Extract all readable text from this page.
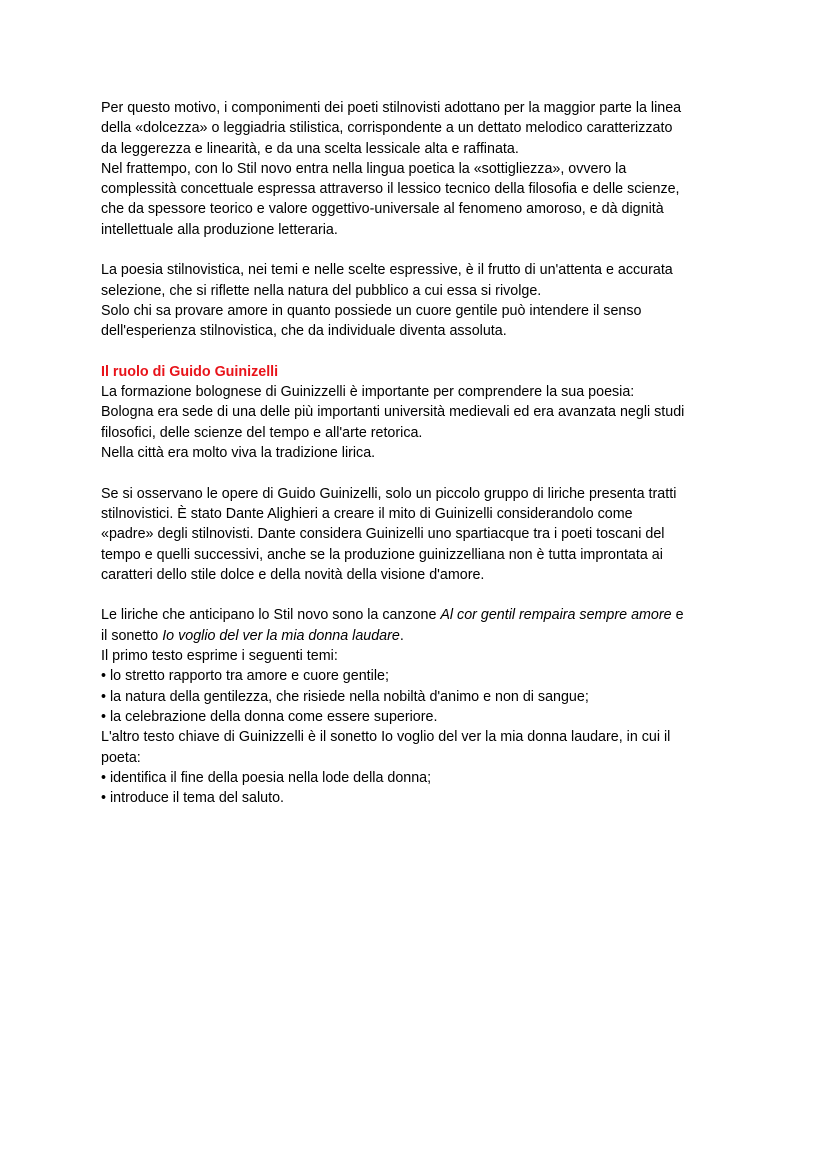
Per questo motivo, i componimenti dei poeti stilnovisti adottano per la maggior parte la linea

della «dolcezza» o leggiadria stilistica, corrispondente a un dettato melodico caratterizzato

da leggerezza e linearità, e da una scelta lessicale alta e raffinata.

Nel frattempo, con lo Stil novo entra nella lingua poetica la «sottigliezza», ovvero la

complessità concettuale espressa attraverso il lessico tecnico della filosofia e delle scienze,

che da spessore teorico e valore oggettivo-universale al fenomeno amoroso, e dà dignità

intellettuale alla produzione letteraria.

La poesia stilnovistica, nei temi e nelle scelte espressive, è il frutto di un'attenta e accurata

selezione, che si riflette nella natura del pubblico a cui essa si rivolge.

Solo chi sa provare amore in quanto possiede un cuore gentile può intendere il senso

dell'esperienza stilnovistica, che da individuale diventa assoluta.

Il ruolo di Guido Guinizelli

La formazione bolognese di Guinizzelli è importante per comprendere la sua poesia:

Bologna era sede di una delle più importanti università medievali ed era avanzata negli studi

filosofici, delle scienze del tempo e all'arte retorica.

Nella città era molto viva la tradizione lirica.

Se si osservano le opere di Guido Guinizelli, solo un piccolo gruppo di liriche presenta tratti

stilnovistici. È stato Dante Alighieri a creare il mito di Guinizelli considerandolo come

«padre» degli stilnovisti. Dante considera Guinizelli uno spartiacque tra i poeti toscani del

tempo e quelli successivi, anche se la produzione guinizzelliana non è tutta improntata ai

caratteri dello stile dolce e della novità della visione d'amore.

Le liriche che anticipano lo Stil novo sono la canzone Al cor gentil rempaira sempre amore e

il sonetto Io voglio del ver la mia donna laudare.

Il primo testo esprime i seguenti temi:

• lo stretto rapporto tra amore e cuore gentile;

• la natura della gentilezza, che risiede nella nobiltà d'animo e non di sangue;

• la celebrazione della donna come essere superiore.

L'altro testo chiave di Guinizzelli è il sonetto Io voglio del ver la mia donna laudare, in cui il

poeta:

• identifica il fine della poesia nella lode della donna;

• introduce il tema del saluto.
